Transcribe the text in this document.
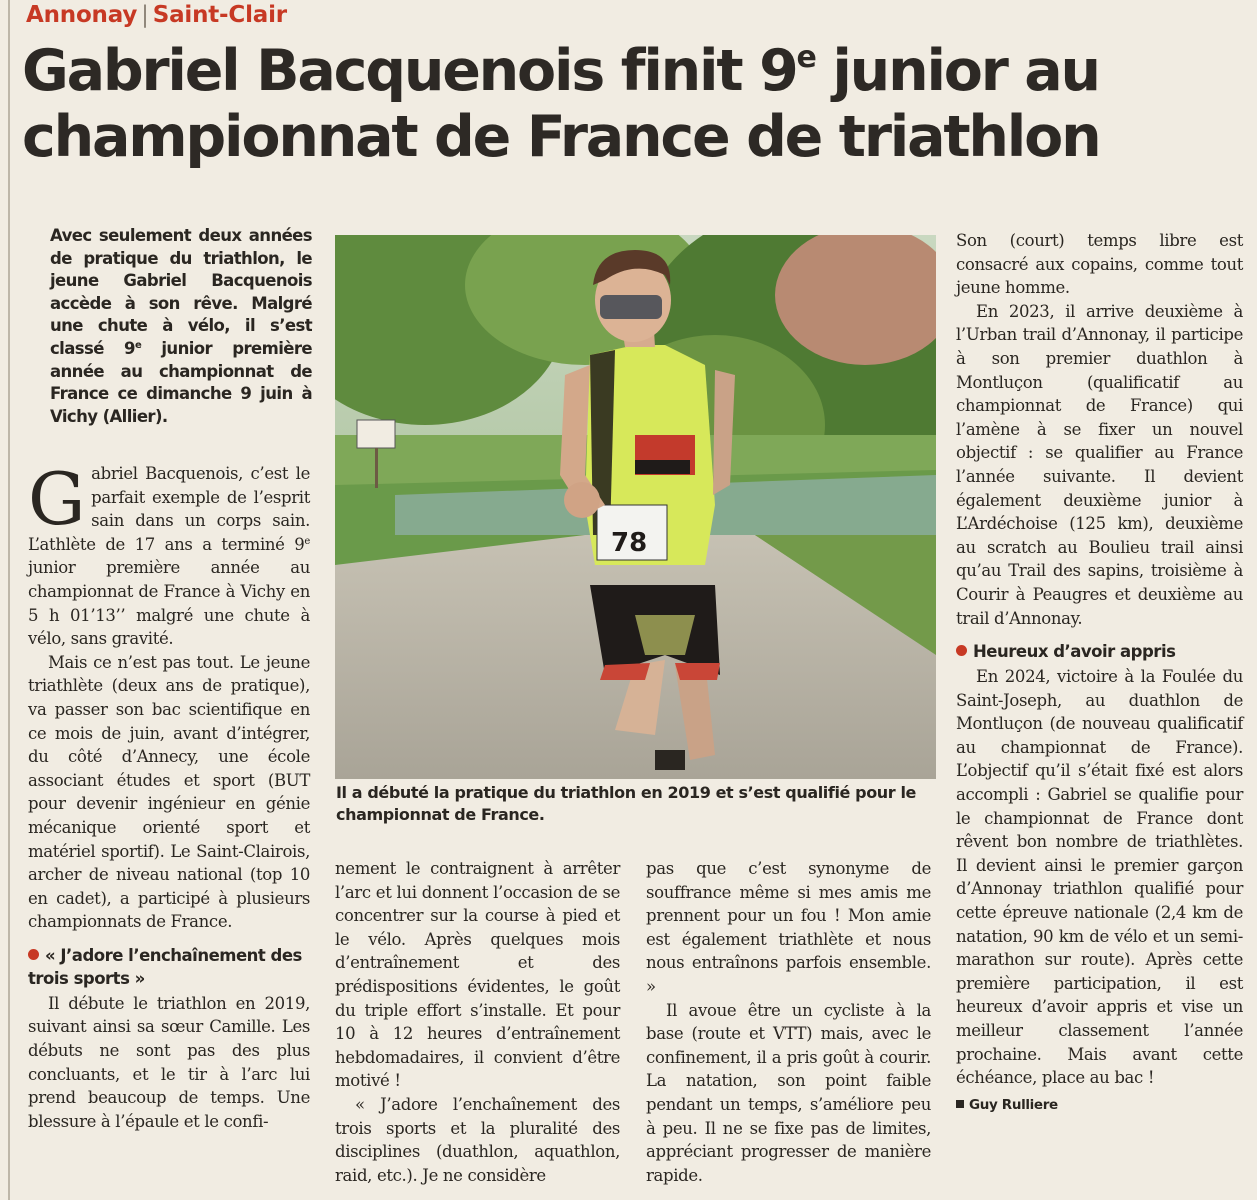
Annonay | Saint-Clair
Gabriel Bacquenois finit 9e junior au
championnat de France de triathlon
Avec seulement deux années de pratique du triathlon, le jeune Gabriel Bacquenois accède à son rêve. Malgré une chute à vélo, il s’est classé 9e junior première année au championnat de France ce dimanche 9 juin à Vichy (Allier).

Gabriel Bacquenois, c’est le parfait exemple de l’esprit sain dans un corps sain. L’athlète de 17 ans a terminé 9e junior première année au championnat de France à Vichy en 5 h 01’13’’ malgré une chute à vélo, sans gravité.

Mais ce n’est pas tout. Le jeune triathlète (deux ans de pratique), va passer son bac scientifique en ce mois de juin, avant d’intégrer, du côté d’Annecy, une école associant études et sport (BUT pour devenir ingénieur en génie mécanique orienté sport et matériel sportif). Le Saint-Clairois, archer de niveau national (top 10 en cadet), a participé à plusieurs championnats de France.

« J’adore l’enchaînement des trois sports »

Il débute le triathlon en 2019, suivant ainsi sa sœur Camille. Les débuts ne sont pas des plus concluants, et le tir à l’arc lui prend beaucoup de temps. Une blessure à l’épaule et le confi-

78
Il a débuté la pratique du triathlon en 2019 et s’est qualifié pour le championnat de France.

nement le contraignent à arrêter l’arc et lui donnent l’occasion de se concentrer sur la course à pied et le vélo. Après quelques mois d’entraînement et des prédispositions évidentes, le goût du triple effort s’installe. Et pour 10 à 12 heures d’entraînement hebdomadaires, il convient d’être motivé !

« J’adore l’enchaînement des trois sports et la pluralité des disciplines (duathlon, aquathlon, raid, etc.). Je ne considère

pas que c’est synonyme de souffrance même si mes amis me prennent pour un fou ! Mon amie est également triathlète et nous nous entraînons parfois ensemble. »

Il avoue être un cycliste à la base (route et VTT) mais, avec le confinement, il a pris goût à courir. La natation, son point faible pendant un temps, s’améliore peu à peu. Il ne se fixe pas de limites, appréciant progresser de manière rapide.

Son (court) temps libre est consacré aux copains, comme tout jeune homme.

En 2023, il arrive deuxième à l’Urban trail d’Annonay, il participe à son premier duathlon à Montluçon (qualificatif au championnat de France) qui l’amène à se fixer un nouvel objectif : se qualifier au France l’année suivante. Il devient également deuxième junior à L’Ardéchoise (125 km), deuxième au scratch au Boulieu trail ainsi qu’au Trail des sapins, troisième à Courir à Peaugres et deuxième au trail d’Annonay.

Heureux d’avoir appris

En 2024, victoire à la Foulée du Saint-Joseph, au duathlon de Montluçon (de nouveau qualificatif au championnat de France). L’objectif qu’il s’était fixé est alors accompli : Gabriel se qualifie pour le championnat de France dont rêvent bon nombre de triathlètes. Il devient ainsi le premier garçon d’Annonay triathlon qualifié pour cette épreuve nationale (2,4 km de natation, 90 km de vélo et un semi-marathon sur route). Après cette première participation, il est heureux d’avoir appris et vise un meilleur classement l’année prochaine. Mais avant cette échéance, place au bac !

Guy Rulliere
